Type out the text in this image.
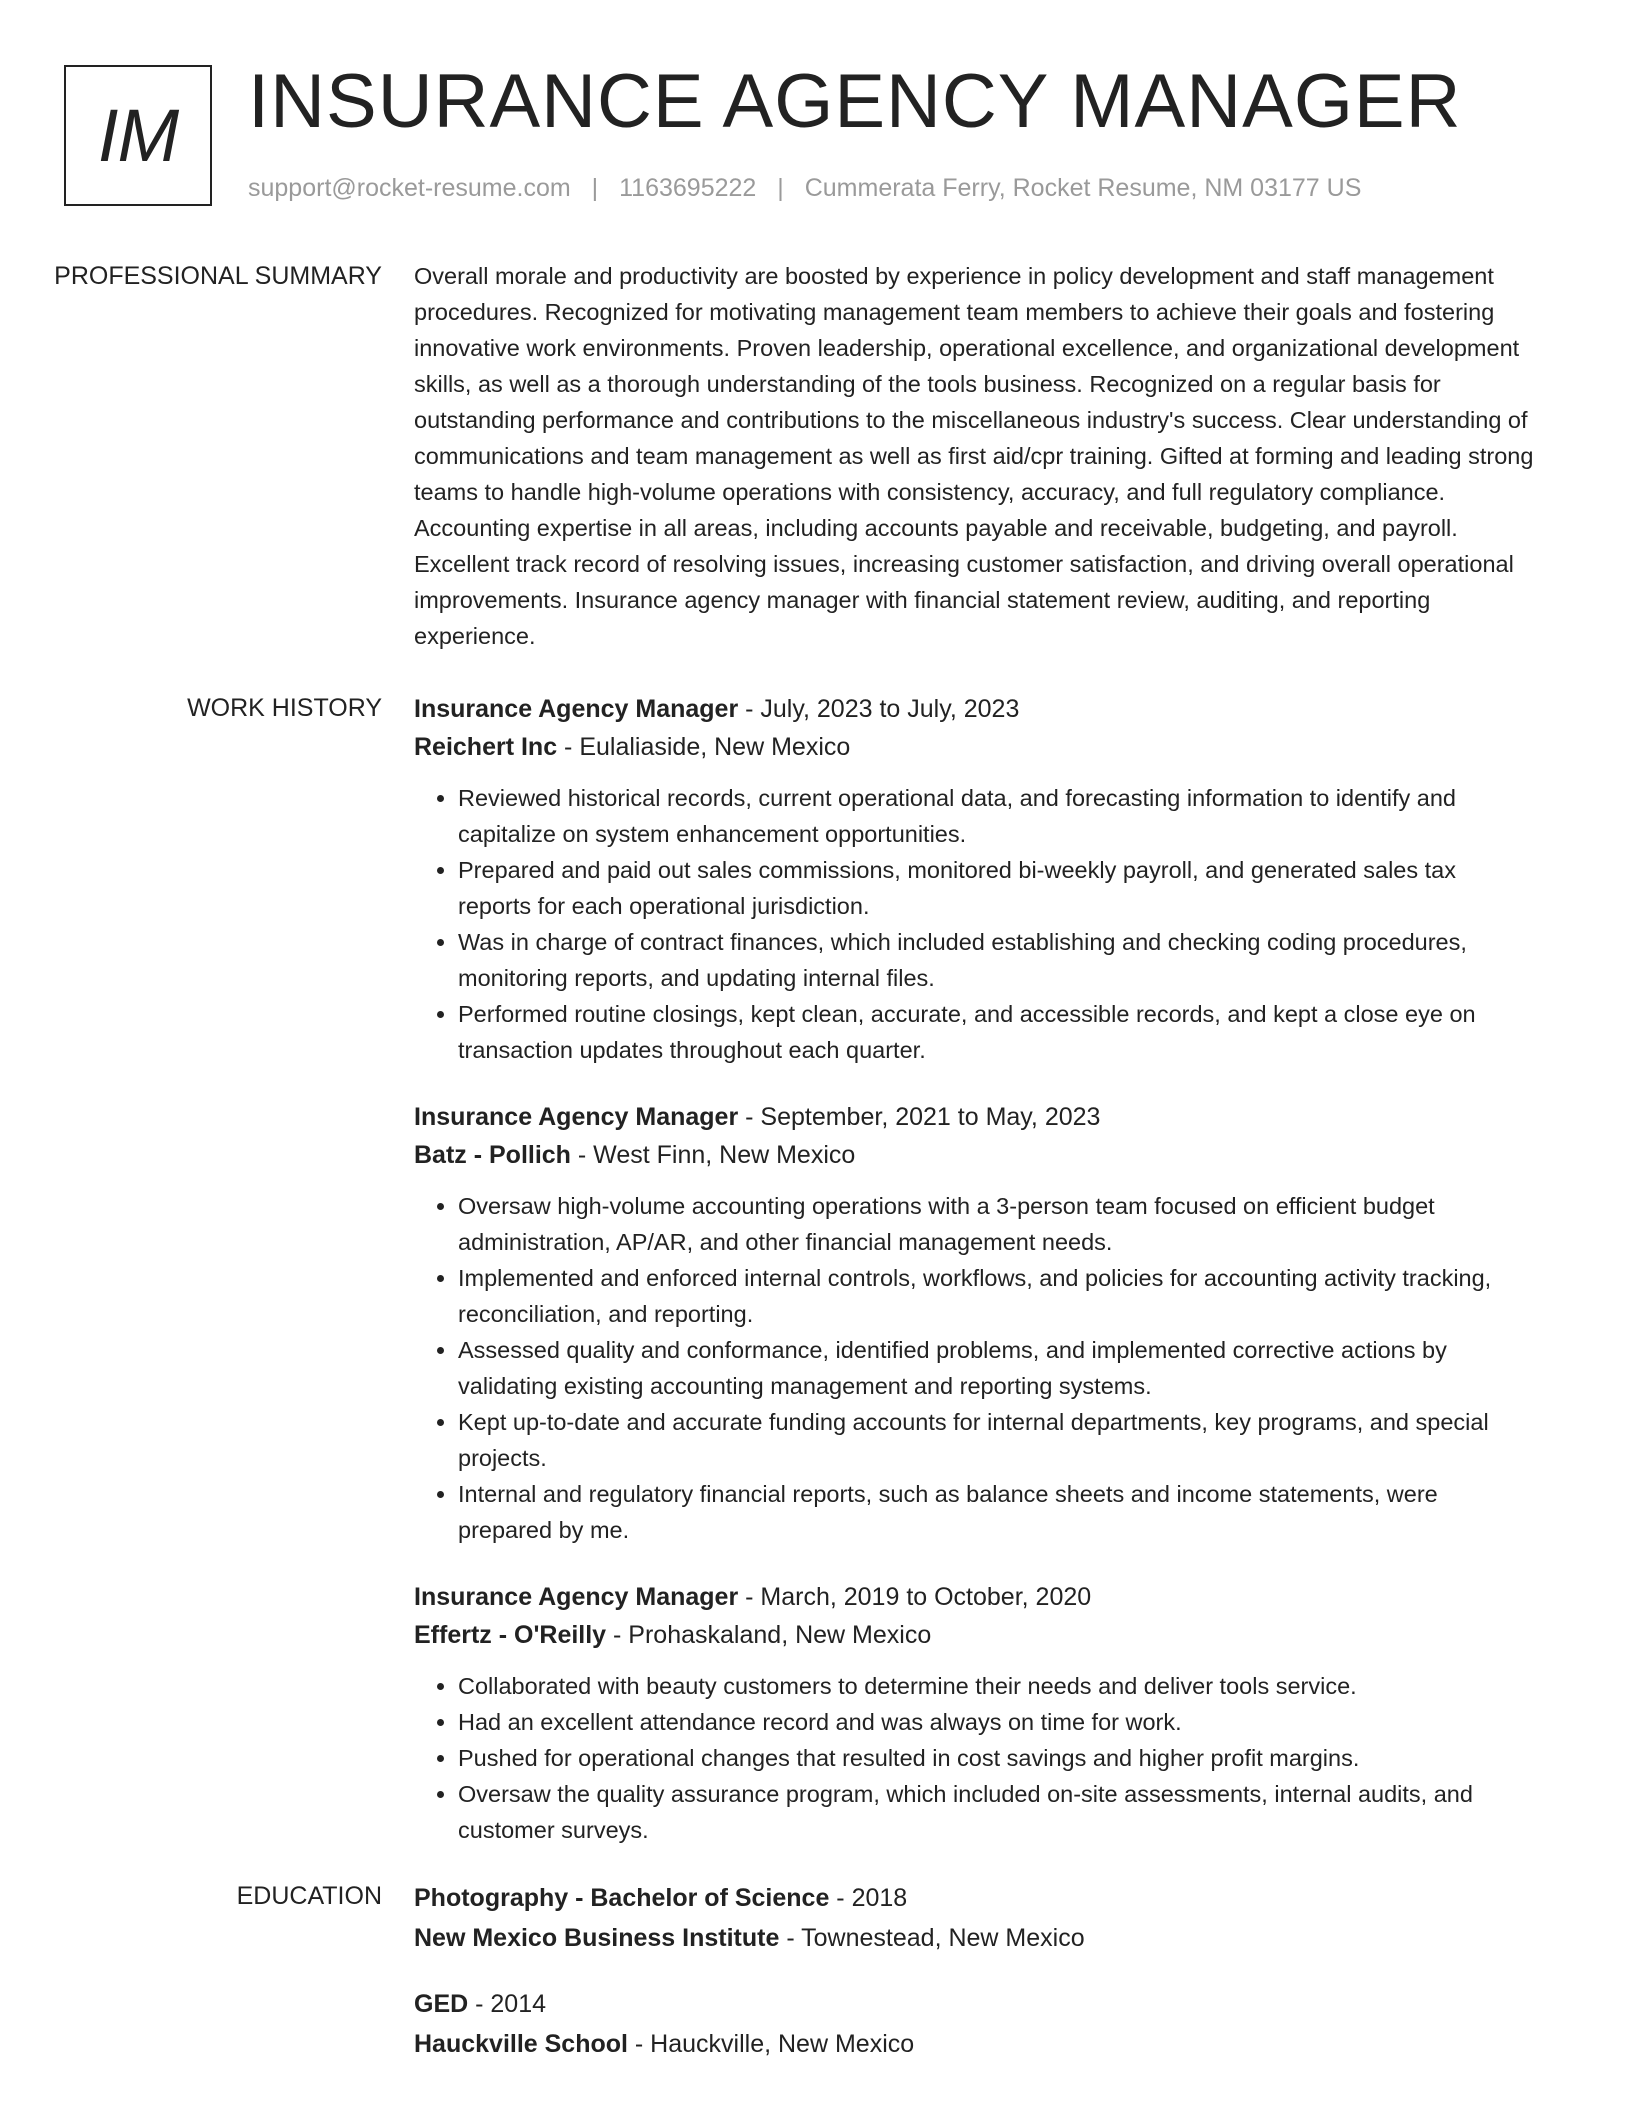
IM INSURANCE AGENCY MANAGER
support@rocket-resume.com | 1163695222 | Cummerata Ferry, Rocket Resume, NM 03177 US
PROFESSIONAL SUMMARY	Overall morale and productivity are boosted by experience in policy development and staff management procedures. Recognized for motivating management team members to achieve their goals and fostering innovative work environments. Proven leadership, operational excellence, and organizational development skills, as well as a thorough understanding of the tools business. Recognized on a regular basis for outstanding performance and contributions to the miscellaneous industry's success. Clear understanding of communications and team management as well as first aid/cpr training. Gifted at forming and leading strong teams to handle high-volume operations with consistency, accuracy, and full regulatory compliance. Accounting expertise in all areas, including accounts payable and receivable, budgeting, and payroll. Excellent track record of resolving issues, increasing customer satisfaction, and driving overall operational improvements. Insurance agency manager with financial statement review, auditing, and reporting experience.

WORK HISTORY	Insurance Agency Manager - July, 2023 to July, 2023
Reichert Inc - Eulaliaside, New Mexico
• Reviewed historical records, current operational data, and forecasting information to identify and capitalize on system enhancement opportunities.
• Prepared and paid out sales commissions, monitored bi-weekly payroll, and generated sales tax reports for each operational jurisdiction.
• Was in charge of contract finances, which included establishing and checking coding procedures, monitoring reports, and updating internal files.
• Performed routine closings, kept clean, accurate, and accessible records, and kept a close eye on transaction updates throughout each quarter.
Insurance Agency Manager - September, 2021 to May, 2023
Batz - Pollich - West Finn, New Mexico
• Oversaw high-volume accounting operations with a 3-person team focused on efficient budget administration, AP/AR, and other financial management needs.
• Implemented and enforced internal controls, workflows, and policies for accounting activity tracking, reconciliation, and reporting.
• Assessed quality and conformance, identified problems, and implemented corrective actions by validating existing accounting management and reporting systems.
• Kept up-to-date and accurate funding accounts for internal departments, key programs, and special projects.
• Internal and regulatory financial reports, such as balance sheets and income statements, were prepared by me.
Insurance Agency Manager - March, 2019 to October, 2020
Effertz - O'Reilly - Prohaskaland, New Mexico
• Collaborated with beauty customers to determine their needs and deliver tools service.
• Had an excellent attendance record and was always on time for work.
• Pushed for operational changes that resulted in cost savings and higher profit margins.
• Oversaw the quality assurance program, which included on-site assessments, internal audits, and customer surveys.
EDUCATION	Photography - Bachelor of Science - 2018
New Mexico Business Institute - Townestead, New Mexico
GED - 2014
Hauckville School - Hauckville, New Mexico
